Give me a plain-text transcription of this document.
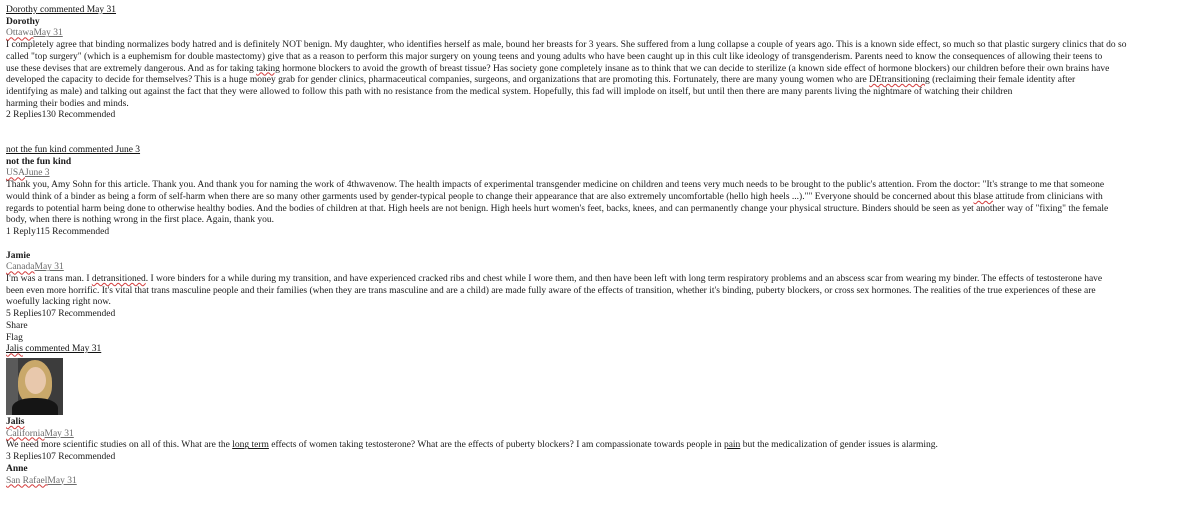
Dorothy commented May 31
Dorothy
OttawaMay 31
I completely agree that binding normalizes body hatred and is definitely NOT benign. My daughter, who identifies herself as male, bound her breasts for 3 years. She suffered from a lung collapse a couple of years ago. This is a known side effect, so much so that plastic surgery clinics that do so
called "top surgery" (which is a euphemism for double mastectomy) give that as a reason to perform this major surgery on young teens and young adults who have been caught up in this cult like ideology of transgenderism. Parents need to know the consequences of allowing their teens to
use these devises that are extremely dangerous. And as for taking taking hormone blockers to avoid the growth of breast tissue? Has society gone completely insane as to think that we can decide to sterilize (a known side effect of hormone blockers) our children before their own brains have
developed the capacity to decide for themselves? This is a huge money grab for gender clinics, pharmaceutical companies, surgeons, and organizations that are promoting this. Fortunately, there are many young women who are DEtransitioning (reclaiming their female identity after
identifying as male) and talking out against the fact that they were allowed to follow this path with no resistance from the medical system. Hopefully, this fad will implode on itself, but until then there are many parents living the nightmare of watching their children
harming their bodies and minds.
2 Replies130 Recommended
not the fun kind commented June 3
not the fun kind
USAJune 3
Thank you, Amy Sohn for this article. Thank you. And thank you for naming the work of 4thwavenow. The health impacts of experimental transgender medicine on children and teens very much needs to be brought to the public's attention. From the doctor: "It's strange to me that someone
would think of a binder as being a form of self-harm when there are so many other garments used by gender-typical people to change their appearance that are also extremely uncomfortable (hello high heels ...)."" Everyone should be concerned about this blase attitude from clinicians with
regards to potential harm being done to otherwise healthy bodies. And the bodies of children at that. High heels are not benign. High heels hurt women's feet, backs, knees, and can permanently change your physical structure. Binders should be seen as yet another way of "fixing" the female
body, when there is nothing wrong in the first place. Again, thank you.
1 Reply115 Recommended
Jamie
CanadaMay 31
I'm was a trans man. I detransitioned. I wore binders for a while during my transition, and have experienced cracked ribs and chest while I wore them, and then have been left with long term respiratory problems and an abscess scar from wearing my binder. The effects of testosterone have
been even more horrific. It's vital that trans masculine people and their families (when they are trans masculine and are a child) are made fully aware of the effects of transition, whether it's binding, puberty blockers, or cross sex hormones. The realities of the true experiences of these are
woefully lacking right now.
5 Replies107 Recommended
Share
Flag
Jalis commented May 31
Jalis
CaliforniaMay 31
We need more scientific studies on all of this. What are the long term effects of women taking testosterone? What are the effects of puberty blockers? I am compassionate towards people in pain but the medicalization of gender issues is alarming.
3 Replies107 Recommended
Anne
San RafaelMay 31
